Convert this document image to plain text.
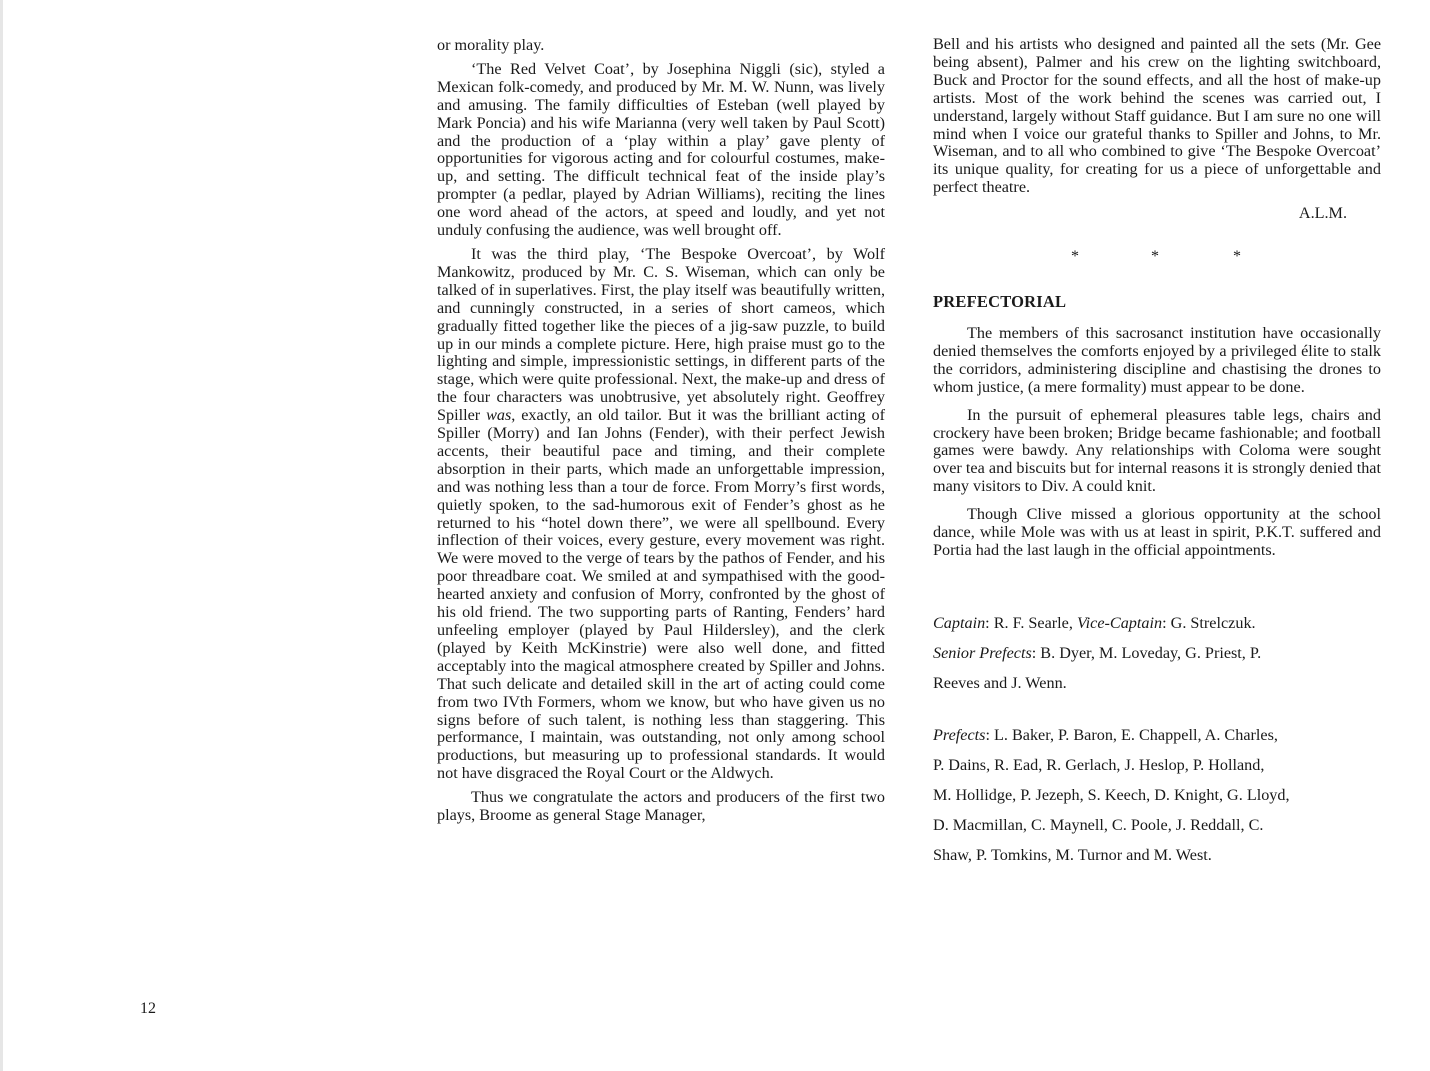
or morality play.

‘The Red Velvet Coat’, by Josephina Niggli (sic), styled a Mexican folk-comedy, and produced by Mr. M. W. Nunn, was lively and amusing. The family difficulties of Esteban (well played by Mark Poncia) and his wife Marianna (very well taken by Paul Scott) and the production of a ‘play within a play’ gave plenty of opportunities for vigorous acting and for colourful costumes, make-up, and setting. The difficult technical feat of the inside play’s prompter (a pedlar, played by Adrian Williams), reciting the lines one word ahead of the actors, at speed and loudly, and yet not unduly confusing the audience, was well brought off.

It was the third play, ‘The Bespoke Overcoat’, by Wolf Mankowitz, produced by Mr. C. S. Wiseman, which can only be talked of in superlatives. First, the play itself was beautifully written, and cunningly constructed, in a series of short cameos, which gradually fitted together like the pieces of a jig-saw puzzle, to build up in our minds a complete picture. Here, high praise must go to the lighting and simple, impressionistic settings, in different parts of the stage, which were quite professional. Next, the make-up and dress of the four characters was unobtrusive, yet absolutely right. Geoffrey Spiller was, exactly, an old tailor. But it was the brilliant acting of Spiller (Morry) and Ian Johns (Fender), with their perfect Jewish accents, their beautiful pace and timing, and their complete absorption in their parts, which made an unforgettable impression, and was nothing less than a tour de force. From Morry’s first words, quietly spoken, to the sad-humorous exit of Fender’s ghost as he returned to his “hotel down there”, we were all spellbound. Every inflection of their voices, every gesture, every movement was right. We were moved to the verge of tears by the pathos of Fender, and his poor threadbare coat. We smiled at and sympathised with the good-hearted anxiety and confusion of Morry, confronted by the ghost of his old friend. The two supporting parts of Ranting, Fenders’ hard unfeeling employer (played by Paul Hildersley), and the clerk (played by Keith McKinstrie) were also well done, and fitted acceptably into the magical atmosphere created by Spiller and Johns. That such delicate and detailed skill in the art of acting could come from two IVth Formers, whom we know, but who have given us no signs before of such talent, is nothing less than staggering. This performance, I maintain, was outstanding, not only among school productions, but measuring up to professional standards. It would not have disgraced the Royal Court or the Aldwych.

Thus we congratulate the actors and producers of the first two plays, Broome as general Stage Manager,

Bell and his artists who designed and painted all the sets (Mr. Gee being absent), Palmer and his crew on the lighting switchboard, Buck and Proctor for the sound effects, and all the host of make-up artists. Most of the work behind the scenes was carried out, I understand, largely without Staff guidance. But I am sure no one will mind when I voice our grateful thanks to Spiller and Johns, to Mr. Wiseman, and to all who combined to give ‘The Bespoke Overcoat’ its unique quality, for creating for us a piece of unforgettable and perfect theatre.

A.L.M.
*	*	*
PREFECTORIAL

The members of this sacrosanct institution have occasionally denied themselves the comforts enjoyed by a privileged élite to stalk the corridors, administering discipline and chastising the drones to whom justice, (a mere formality) must appear to be done.

In the pursuit of ephemeral pleasures table legs, chairs and crockery have been broken; Bridge became fashionable; and football games were bawdy. Any relationships with Coloma were sought over tea and biscuits but for internal reasons it is strongly denied that many visitors to Div. A could knit.

Though Clive missed a glorious opportunity at the school dance, while Mole was with us at least in spirit, P.K.T. suffered and Portia had the last laugh in the official appointments.

Captain: R. F. Searle, Vice-Captain: G. Strelczuk.

Senior Prefects: B. Dyer, M. Loveday, G. Priest, P.

Reeves and J. Wenn.

Prefects: L. Baker, P. Baron, E. Chappell, A. Charles,

P. Dains, R. Ead, R. Gerlach, J. Heslop, P. Holland,

M. Hollidge, P. Jezeph, S. Keech, D. Knight, G. Lloyd,

D. Macmillan, C. Maynell, C. Poole, J. Reddall, C.

Shaw, P. Tomkins, M. Turnor and M. West.

12
